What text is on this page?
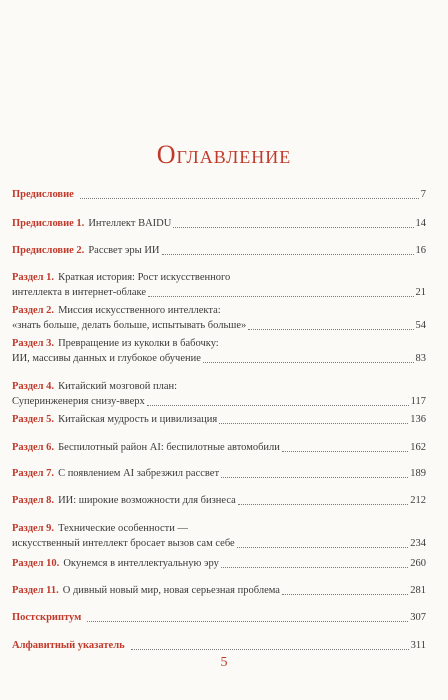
Оглавление
Предисловие	7
Предисловие 1. Интеллект BAIDU	14
Предисловие 2. Рассвет эры ИИ	16
Раздел 1. Краткая история: Рост искусственного
интеллекта в интернет-облаке	21
Раздел 2. Миссия искусственного интеллекта:
«знать больше, делать больше, испытывать больше»	54
Раздел 3. Превращение из куколки в бабочку:
ИИ, массивы данных и глубокое обучение	83
Раздел 4. Китайский мозговой план:
Суперинженерия снизу-вверх	117
Раздел 5. Китайская мудрость и цивилизация	136
Раздел 6. Беспилотный район AI: беспилотные автомобили	162
Раздел 7. С появлением AI забрезжил рассвет	189
Раздел 8. ИИ: широкие возможности для бизнеса	212
Раздел 9. Технические особенности —
искусственный интеллект бросает вызов сам себе	234
Раздел 10. Окунемся в интеллектуальную эру	260
Раздел 11. О дивный новый мир, новая серьезная проблема	281
Постскриптум	307
Алфавитный указатель	311
5
